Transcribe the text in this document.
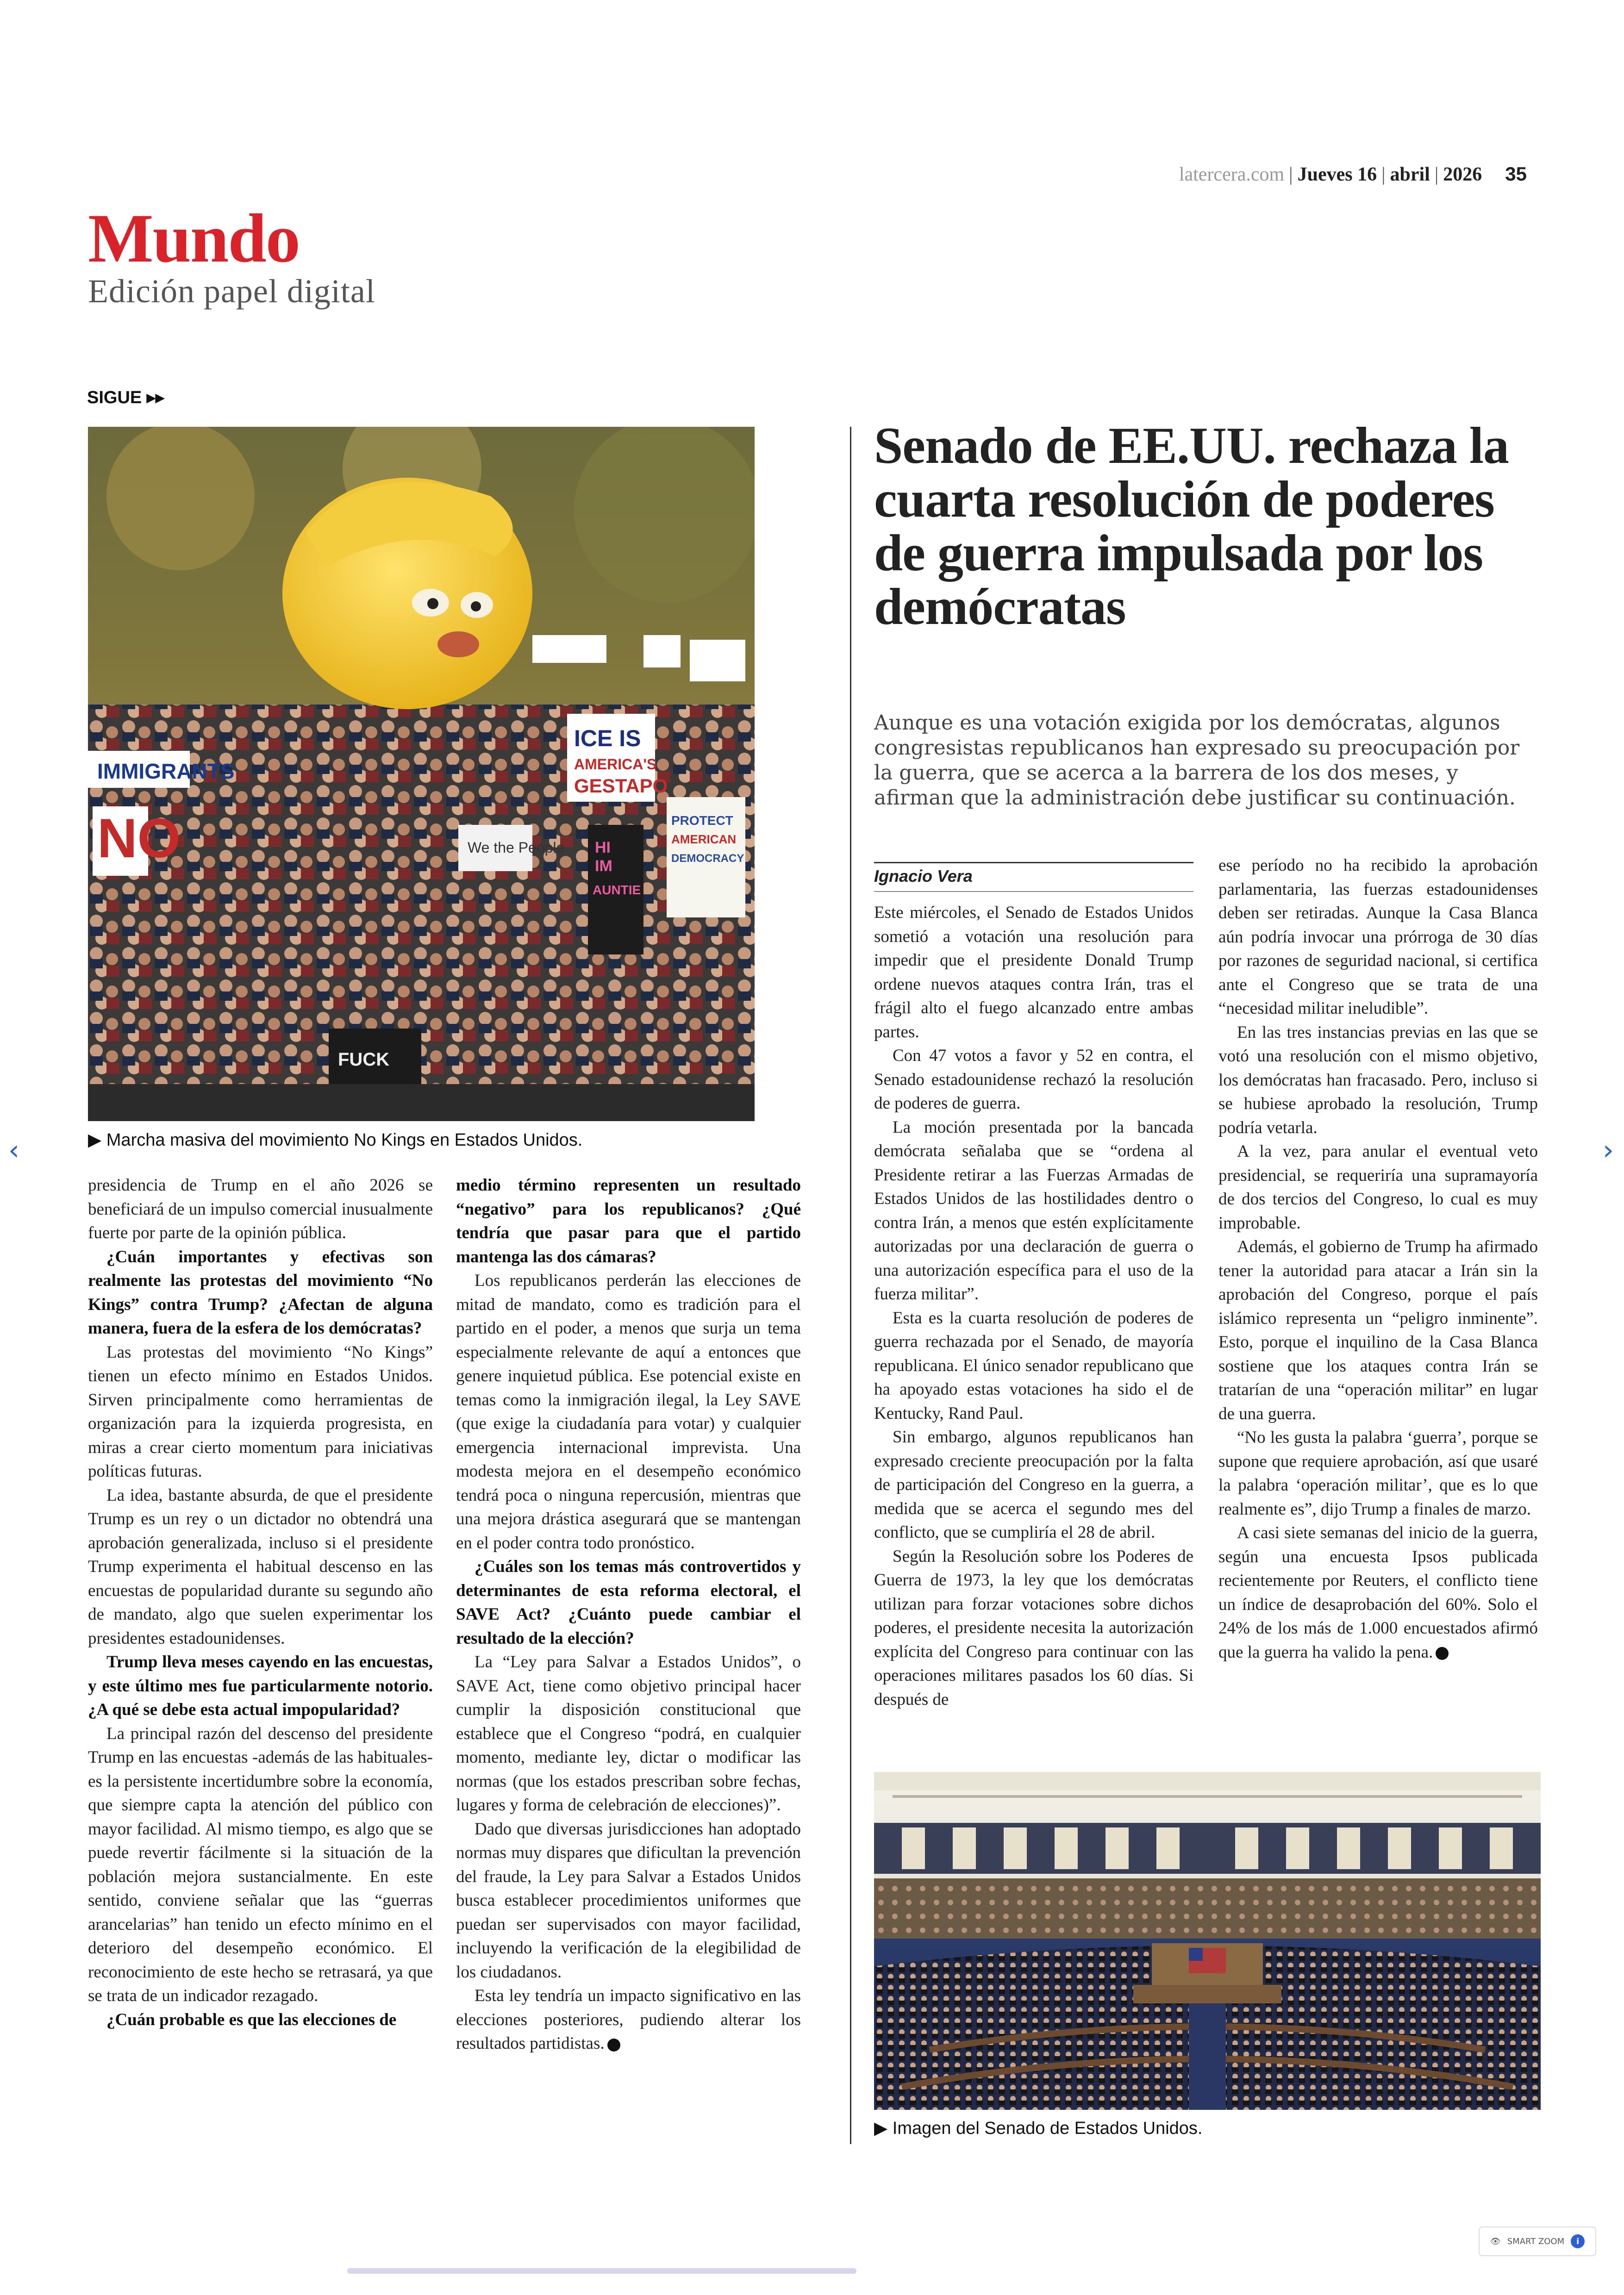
latercera.com | Jueves 16 | abril | 2026 35
Mundo
Edición papel digital
SIGUE ▸▸
IMMIGRANTS
NO
ICE IS
AMERICA'S
GESTAPO
PROTECT
AMERICAN
DEMOCRACY
HI
IM
AUNTIE
We the People
FUCK
▶ Marcha masiva del movimiento No Kings en Estados Unidos.
Senado de EE.UU. rechaza la cuarta resolución de poderes de guerra impulsada por los demócratas
Aunque es una votación exigida por los demócratas, algunos congresistas republicanos han expresado su preocupación por la guerra, que se acerca a la barrera de los dos meses, y afirman que la administración debe justificar su continuación.
Ignacio Vera

Este miércoles, el Senado de Estados Unidos sometió a votación una resolución para impedir que el presidente Donald Trump ordene nuevos ataques contra Irán, tras el frágil alto el fuego alcanzado entre ambas partes.

Con 47 votos a favor y 52 en contra, el Senado estadounidense rechazó la resolución de poderes de guerra.

La moción presentada por la bancada demócrata señalaba que se “ordena al Presidente retirar a las Fuerzas Armadas de Estados Unidos de las hostilidades dentro o contra Irán, a menos que estén explícitamente autorizadas por una declaración de guerra o una autorización específica para el uso de la fuerza militar”.

Esta es la cuarta resolución de poderes de guerra rechazada por el Senado, de mayoría republicana. El único senador republicano que ha apoyado estas votaciones ha sido el de Kentucky, Rand Paul.

Sin embargo, algunos republicanos han expresado creciente preocupación por la falta de participación del Congreso en la guerra, a medida que se acerca el segundo mes del conflicto, que se cumpliría el 28 de abril.

Según la Resolución sobre los Poderes de Guerra de 1973, la ley que los demócratas utilizan para forzar votaciones sobre dichos poderes, el presidente necesita la autorización explícita del Congreso para continuar con las operaciones militares pasados los 60 días. Si después de

ese período no ha recibido la aprobación parlamentaria, las fuerzas estadounidenses deben ser retiradas. Aunque la Casa Blanca aún podría invocar una prórroga de 30 días por razones de seguridad nacional, si certifica ante el Congreso que se trata de una “necesidad militar ineludible”.

En las tres instancias previas en las que se votó una resolución con el mismo objetivo, los demócratas han fracasado. Pero, incluso si se hubiese aprobado la resolución, Trump podría vetarla.

A la vez, para anular el eventual veto presidencial, se requeriría una supramayoría de dos tercios del Congreso, lo cual es muy improbable.

Además, el gobierno de Trump ha afirmado tener la autoridad para atacar a Irán sin la aprobación del Congreso, porque el país islámico representa un “peligro inminente”. Esto, porque el inquilino de la Casa Blanca sostiene que los ataques contra Irán se tratarían de una “operación militar” en lugar de una guerra.

“No les gusta la palabra ‘guerra’, porque se supone que requiere aprobación, así que usaré la palabra ‘operación militar’, que es lo que realmente es”, dijo Trump a finales de marzo.

A casi siete semanas del inicio de la guerra, según una encuesta Ipsos publicada recientemente por Reuters, el conflicto tiene un índice de desaprobación del 60%. Solo el 24% de los más de 1.000 encuestados afirmó que la guerra ha valido la pena.

presidencia de Trump en el año 2026 se beneficiará de un impulso comercial inusualmente fuerte por parte de la opinión pública.

¿Cuán importantes y efectivas son realmente las protestas del movimiento “No Kings” contra Trump? ¿Afectan de alguna manera, fuera de la esfera de los demócratas?

Las protestas del movimiento “No Kings” tienen un efecto mínimo en Estados Unidos. Sirven principalmente como herramientas de organización para la izquierda progresista, en miras a crear cierto momentum para iniciativas políticas futuras.

La idea, bastante absurda, de que el presidente Trump es un rey o un dictador no obtendrá una aprobación generalizada, incluso si el presidente Trump experimenta el habitual descenso en las encuestas de popularidad durante su segundo año de mandato, algo que suelen experimentar los presidentes estadounidenses.

Trump lleva meses cayendo en las encuestas, y este último mes fue particularmente notorio. ¿A qué se debe esta actual impopularidad?

La principal razón del descenso del presidente Trump en las encuestas -además de las habituales- es la persistente incertidumbre sobre la economía, que siempre capta la atención del público con mayor facilidad. Al mismo tiempo, es algo que se puede revertir fácilmente si la situación de la población mejora sustancialmente. En este sentido, conviene señalar que las “guerras arancelarias” han tenido un efecto mínimo en el deterioro del desempeño económico. El reconocimiento de este hecho se retrasará, ya que se trata de un indicador rezagado.

¿Cuán probable es que las elecciones de

medio término representen un resultado “negativo” para los republicanos? ¿Qué tendría que pasar para que el partido mantenga las dos cámaras?

Los republicanos perderán las elecciones de mitad de mandato, como es tradición para el partido en el poder, a menos que surja un tema especialmente relevante de aquí a entonces que genere inquietud pública. Ese potencial existe en temas como la inmigración ilegal, la Ley SAVE (que exige la ciudadanía para votar) y cualquier emergencia internacional imprevista. Una modesta mejora en el desempeño económico tendrá poca o ninguna repercusión, mientras que una mejora drástica asegurará que se mantengan en el poder contra todo pronóstico.

¿Cuáles son los temas más controvertidos y determinantes de esta reforma electoral, el SAVE Act? ¿Cuánto puede cambiar el resultado de la elección?

La “Ley para Salvar a Estados Unidos”, o SAVE Act, tiene como objetivo principal hacer cumplir la disposición constitucional que establece que el Congreso “podrá, en cualquier momento, mediante ley, dictar o modificar las normas (que los estados prescriban sobre fechas, lugares y forma de celebración de elecciones)”.

Dado que diversas jurisdicciones han adoptado normas muy dispares que dificultan la prevención del fraude, la Ley para Salvar a Estados Unidos busca establecer procedimientos uniformes que puedan ser supervisados con mayor facilidad, incluyendo la verificación de la elegibilidad de los ciudadanos.

Esta ley tendría un impacto significativo en las elecciones posteriores, pudiendo alterar los resultados partidistas.

▶ Imagen del Senado de Estados Unidos.
‹	›
👁 SMART ZOOM	i
